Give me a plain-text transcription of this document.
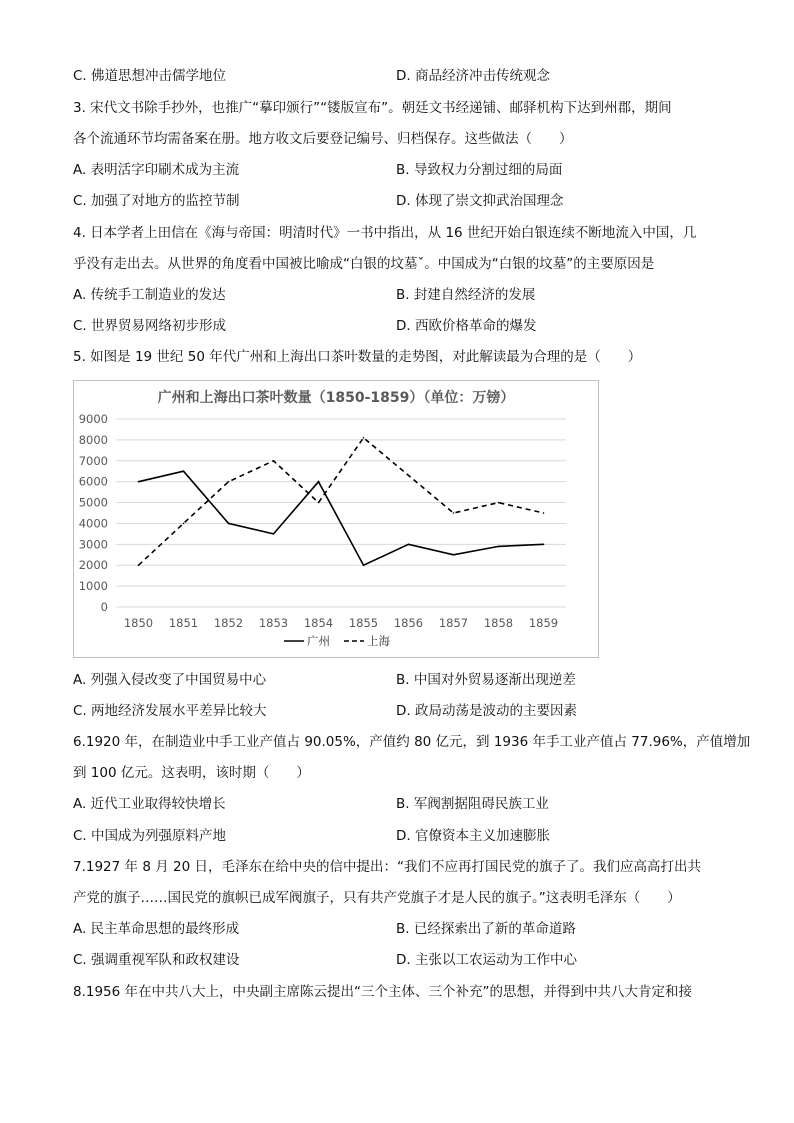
C. 佛道思想冲击儒学地位	D. 商品经济冲击传统观念
3. 宋代文书除手抄外，也推广“摹印颁行”“镂版宣布”。朝廷文书经递铺、邮驿机构下达到州郡，期间
各个流通环节均需备案在册。地方收文后要登记编号、归档保存。这些做法（　　）
A. 表明活字印刷术成为主流	B. 导致权力分割过细的局面
C. 加强了对地方的监控节制	D. 体现了崇文抑武治国理念
4. 日本学者上田信在《海与帝国：明清时代》一书中指出，从 16 世纪开始白银连续不断地流入中国，几
乎没有走出去。从世界的角度看中国被比喻成“白银的坟墓ˇ。中国成为“白银的坟墓”的主要原因是
A. 传统手工制造业的发达	B. 封建自然经济的发展
C. 世界贸易网络初步形成	D. 西欧价格革命的爆发
5. 如图是 19 世纪 50 年代广州和上海出口茶叶数量的走势图，对此解读最为合理的是（　　）
广州和上海出口茶叶数量（1850-1859）（单位：万镑）
0
1000
2000
3000
4000
5000
6000
7000
8000
9000
1850 1851 1852 1853 1854 1855 1856 1857 1858 1859
广州	上海
A. 列强入侵改变了中国贸易中心	B. 中国对外贸易逐渐出现逆差
C. 两地经济发展水平差异比较大	D. 政局动荡是波动的主要因素
6.1920 年，在制造业中手工业产值占 90.05%，产值约 80 亿元，到 1936 年手工业产值占 77.96%，产值增加
到 100 亿元。这表明，该时期（　　）
A. 近代工业取得较快增长	B. 军阀割据阻碍民族工业
C. 中国成为列强原料产地	D. 官僚资本主义加速膨胀
7.1927 年 8 月 20 日，毛泽东在给中央的信中提出：“我们不应再打国民党的旗子了。我们应高高打出共
产党的旗子……国民党的旗帜已成军阀旗子，只有共产党旗子才是人民的旗子。”这表明毛泽东（　　）
A. 民主革命思想的最终形成	B. 已经探索出了新的革命道路
C. 强调重视军队和政权建设	D. 主张以工农运动为工作中心
8.1956 年在中共八大上，中央副主席陈云提出“三个主体、三个补充”的思想，并得到中共八大肯定和接
